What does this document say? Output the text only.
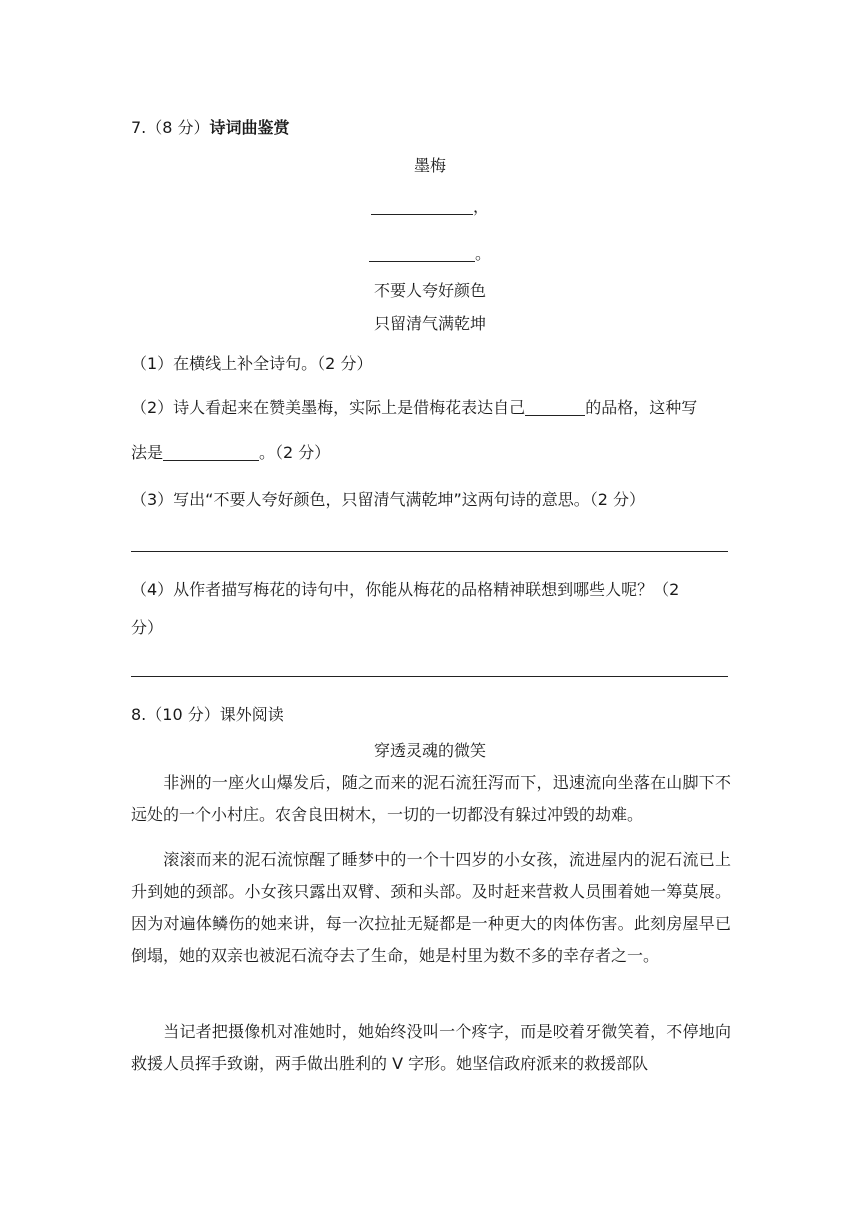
7.（8 分）诗词曲鉴赏
墨梅
，
。
不要人夸好颜色
只留清气满乾坤
（1）在横线上补全诗句。（2 分）
（2）诗人看起来在赞美墨梅，实际上是借梅花表达自己	的品格，这种写
法是	。（2 分）
（3）写出“不要人夸好颜色，只留清气满乾坤”这两句诗的意思。（2 分）
（4）从作者描写梅花的诗句中，你能从梅花的品格精神联想到哪些人呢？（2
分）
8.（10 分）课外阅读
穿透灵魂的微笑
非洲的一座火山爆发后，随之而来的泥石流狂泻而下，迅速流向坐落在山脚下不远处的一个小村庄。农舍良田树木，一切的一切都没有躲过冲毁的劫难。
滚滚而来的泥石流惊醒了睡梦中的一个十四岁的小女孩，流进屋内的泥石流已上升到她的颈部。小女孩只露出双臂、颈和头部。及时赶来营救人员围着她一筹莫展。因为对遍体鳞伤的她来讲，每一次拉扯无疑都是一种更大的肉体伤害。此刻房屋早已倒塌，她的双亲也被泥石流夺去了生命，她是村里为数不多的幸存者之一。
当记者把摄像机对准她时，她始终没叫一个疼字，而是咬着牙微笑着，不停地向救援人员挥手致谢，两手做出胜利的 V 字形。她坚信政府派来的救援部队
